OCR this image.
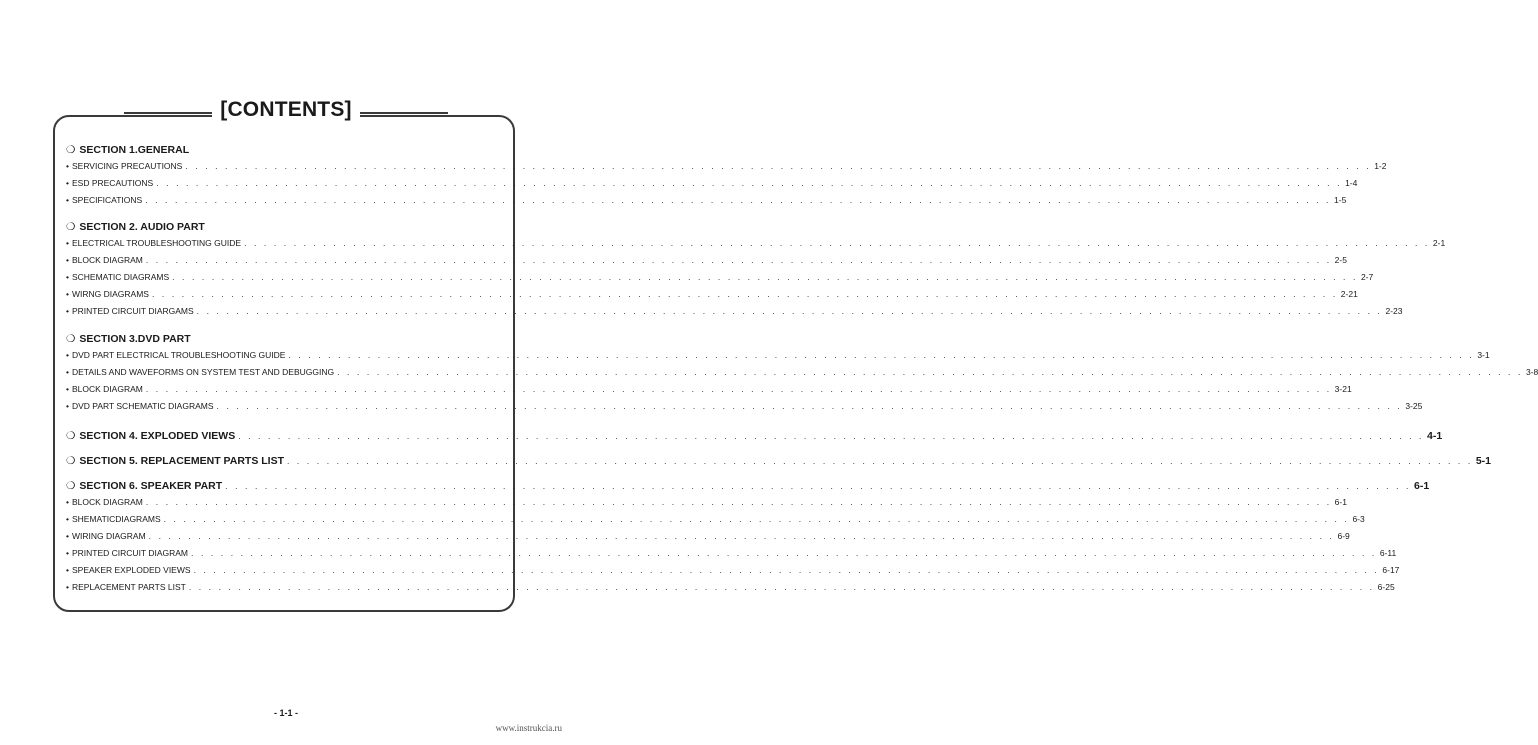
[CONTENTS]
❍ SECTION 1.GENERAL
• SERVICING PRECAUTIONS . . . . . . . . . . . . . . . . . . . . . . . . . . . . . . . . . . . . . . . . . . . . . . . . . . . . . . . . . . . . . . . . . . . . . . . . . . . . . . . . . . . . . . . . . . . . . . . . . . . . . . . . . . . . . . . . . . . . . . . . 1-2
• ESD PRECAUTIONS . . . . . . . . . . . . . . . . . . . . . . . . . . . . . . . . . . . . . . . . . . . . . . . . . . . . . . . . . . . . . . . . . . . . . . . . . . . . . . . . . . . . . . . . . . . . . . . . . . . . . . . . . . . . . . . . . . . . . . . . 1-4
• SPECIFICATIONS . . . . . . . . . . . . . . . . . . . . . . . . . . . . . . . . . . . . . . . . . . . . . . . . . . . . . . . . . . . . . . . . . . . . . . . . . . . . . . . . . . . . . . . . . . . . . . . . . . . . . . . . . . . . . . . . . . . . . . . . 1-5
❍ SECTION 2. AUDIO PART
• ELECTRICAL TROUBLESHOOTING GUIDE . . . . . . . . . . . . . . . . . . . . . . . . . . . . . . . . . . . . . . . . . . . . . . . . . . . . . . . . . . . . . . . . . . . . . . . . . . . . . . . . . . . . . . . . . . . . . . . . . . . . . . . . . . . . . . . . . . . . . . . . 2-1
• BLOCK DIAGRAM . . . . . . . . . . . . . . . . . . . . . . . . . . . . . . . . . . . . . . . . . . . . . . . . . . . . . . . . . . . . . . . . . . . . . . . . . . . . . . . . . . . . . . . . . . . . . . . . . . . . . . . . . . . . . . . . . . . . . . . . 2-5
• SCHEMATIC DIAGRAMS . . . . . . . . . . . . . . . . . . . . . . . . . . . . . . . . . . . . . . . . . . . . . . . . . . . . . . . . . . . . . . . . . . . . . . . . . . . . . . . . . . . . . . . . . . . . . . . . . . . . . . . . . . . . . . . . . . . . . . . . 2-7
• WIRNG DIAGRAMS . . . . . . . . . . . . . . . . . . . . . . . . . . . . . . . . . . . . . . . . . . . . . . . . . . . . . . . . . . . . . . . . . . . . . . . . . . . . . . . . . . . . . . . . . . . . . . . . . . . . . . . . . . . . . . . . . . . . . . . . 2-21
• PRINTED CIRCUIT DIARGAMS . . . . . . . . . . . . . . . . . . . . . . . . . . . . . . . . . . . . . . . . . . . . . . . . . . . . . . . . . . . . . . . . . . . . . . . . . . . . . . . . . . . . . . . . . . . . . . . . . . . . . . . . . . . . . . . . . . . . . . . . 2-23
❍ SECTION 3.DVD PART
• DVD PART ELECTRICAL TROUBLESHOOTING GUIDE . . . . . . . . . . . . . . . . . . . . . . . . . . . . . . . . . . . . . . . . . . . . . . . . . . . . . . . . . . . . . . . . . . . . . . . . . . . . . . . . . . . . . . . . . . . . . . . . . . . . . . . . . . . . . . . . . . . . . . . . 3-1
• DETAILS AND WAVEFORMS ON SYSTEM TEST AND DEBUGGING . . . . . . . . . . . . . . . . . . . . . . . . . . . . . . . . . . . . . . . . . . . . . . . . . . . . . . . . . . . . . . . . . . . . . . . . . . . . . . . . . . . . . . . . . . . . . . . . . . . . . . . . . . . . . . . . . . . . . . . . 3-8
• BLOCK DIAGRAM . . . . . . . . . . . . . . . . . . . . . . . . . . . . . . . . . . . . . . . . . . . . . . . . . . . . . . . . . . . . . . . . . . . . . . . . . . . . . . . . . . . . . . . . . . . . . . . . . . . . . . . . . . . . . . . . . . . . . . . . 3-21
• DVD PART SCHEMATIC DIAGRAMS . . . . . . . . . . . . . . . . . . . . . . . . . . . . . . . . . . . . . . . . . . . . . . . . . . . . . . . . . . . . . . . . . . . . . . . . . . . . . . . . . . . . . . . . . . . . . . . . . . . . . . . . . . . . . . . . . . . . . . . . 3-25
❍ SECTION 4. EXPLODED VIEWS . . . . . . . . . . . . . . . . . . . . . . . . . . . . . . . . . . . . . . . . . . . . . . . . . . . . . . . . . . . . . . . . . . . . . . . . . . . . . . . . . . . . . . . . . . . . . . . . . . . . . . . . . . . . . . . . . . . . . . . . 4-1
❍ SECTION 5. REPLACEMENT PARTS LIST . . . . . . . . . . . . . . . . . . . . . . . . . . . . . . . . . . . . . . . . . . . . . . . . . . . . . . . . . . . . . . . . . . . . . . . . . . . . . . . . . . . . . . . . . . . . . . . . . . . . . . . . . . . . . . . . . . . . . . . . 5-1
❍ SECTION 6. SPEAKER PART . . . . . . . . . . . . . . . . . . . . . . . . . . . . . . . . . . . . . . . . . . . . . . . . . . . . . . . . . . . . . . . . . . . . . . . . . . . . . . . . . . . . . . . . . . . . . . . . . . . . . . . . . . . . . . . . . . . . . . . . 6-1
• BLOCK DIAGRAM . . . . . . . . . . . . . . . . . . . . . . . . . . . . . . . . . . . . . . . . . . . . . . . . . . . . . . . . . . . . . . . . . . . . . . . . . . . . . . . . . . . . . . . . . . . . . . . . . . . . . . . . . . . . . . . . . . . . . . . . 6-1
• SHEMATICDIAGRAMS . . . . . . . . . . . . . . . . . . . . . . . . . . . . . . . . . . . . . . . . . . . . . . . . . . . . . . . . . . . . . . . . . . . . . . . . . . . . . . . . . . . . . . . . . . . . . . . . . . . . . . . . . . . . . . . . . . . . . . . . 6-3
• WIRING DIAGRAM . . . . . . . . . . . . . . . . . . . . . . . . . . . . . . . . . . . . . . . . . . . . . . . . . . . . . . . . . . . . . . . . . . . . . . . . . . . . . . . . . . . . . . . . . . . . . . . . . . . . . . . . . . . . . . . . . . . . . . . . 6-9
• PRINTED CIRCUIT DIAGRAM . . . . . . . . . . . . . . . . . . . . . . . . . . . . . . . . . . . . . . . . . . . . . . . . . . . . . . . . . . . . . . . . . . . . . . . . . . . . . . . . . . . . . . . . . . . . . . . . . . . . . . . . . . . . . . . . . . . . . . . . 6-11
• SPEAKER EXPLODED VIEWS . . . . . . . . . . . . . . . . . . . . . . . . . . . . . . . . . . . . . . . . . . . . . . . . . . . . . . . . . . . . . . . . . . . . . . . . . . . . . . . . . . . . . . . . . . . . . . . . . . . . . . . . . . . . . . . . . . . . . . . . 6-17
• REPLACEMENT PARTS LIST . . . . . . . . . . . . . . . . . . . . . . . . . . . . . . . . . . . . . . . . . . . . . . . . . . . . . . . . . . . . . . . . . . . . . . . . . . . . . . . . . . . . . . . . . . . . . . . . . . . . . . . . . . . . . . . . . . . . . . . . 6-25
- 1-1 -
www.instrukcia.ru
